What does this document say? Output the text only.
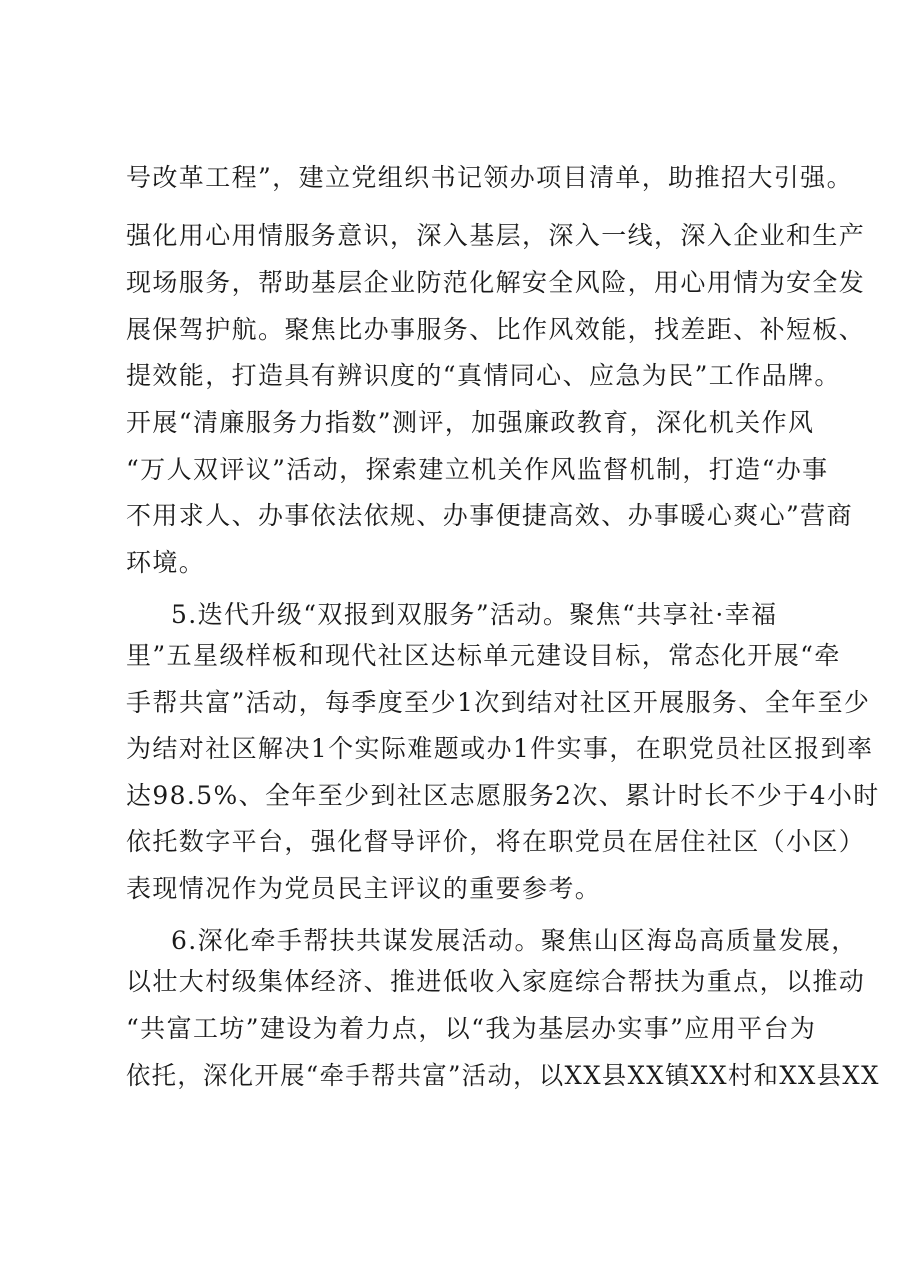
号改革工程”，建立党组织书记领办项目清单，助推招大引强。
强化用心用情服务意识，深入基层，深入一线，深入企业和生产
现场服务，帮助基层企业防范化解安全风险，用心用情为安全发
展保驾护航。聚焦比办事服务、比作风效能，找差距、补短板、
提效能，打造具有辨识度的“真情同心、应急为民”工作品牌。
开展“清廉服务力指数”测评，加强廉政教育，深化机关作风
“万人双评议”活动，探索建立机关作风监督机制，打造“办事
不用求人、办事依法依规、办事便捷高效、办事暖心爽心”营商
环境。
5.迭代升级“双报到双服务”活动。聚焦“共享社·幸福
里”五星级样板和现代社区达标单元建设目标，常态化开展“牵
手帮共富”活动，每季度至少1次到结对社区开展服务、全年至少
为结对社区解决1个实际难题或办1件实事，在职党员社区报到率
达98.5%、全年至少到社区志愿服务2次、累计时长不少于4小时
依托数字平台，强化督导评价，将在职党员在居住社区（小区）
表现情况作为党员民主评议的重要参考。
6.深化牵手帮扶共谋发展活动。聚焦山区海岛高质量发展，
以壮大村级集体经济、推进低收入家庭综合帮扶为重点，以推动
“共富工坊”建设为着力点，以“我为基层办实事”应用平台为
依托，深化开展“牵手帮共富”活动，以XX县XX镇XX村和XX县XX
